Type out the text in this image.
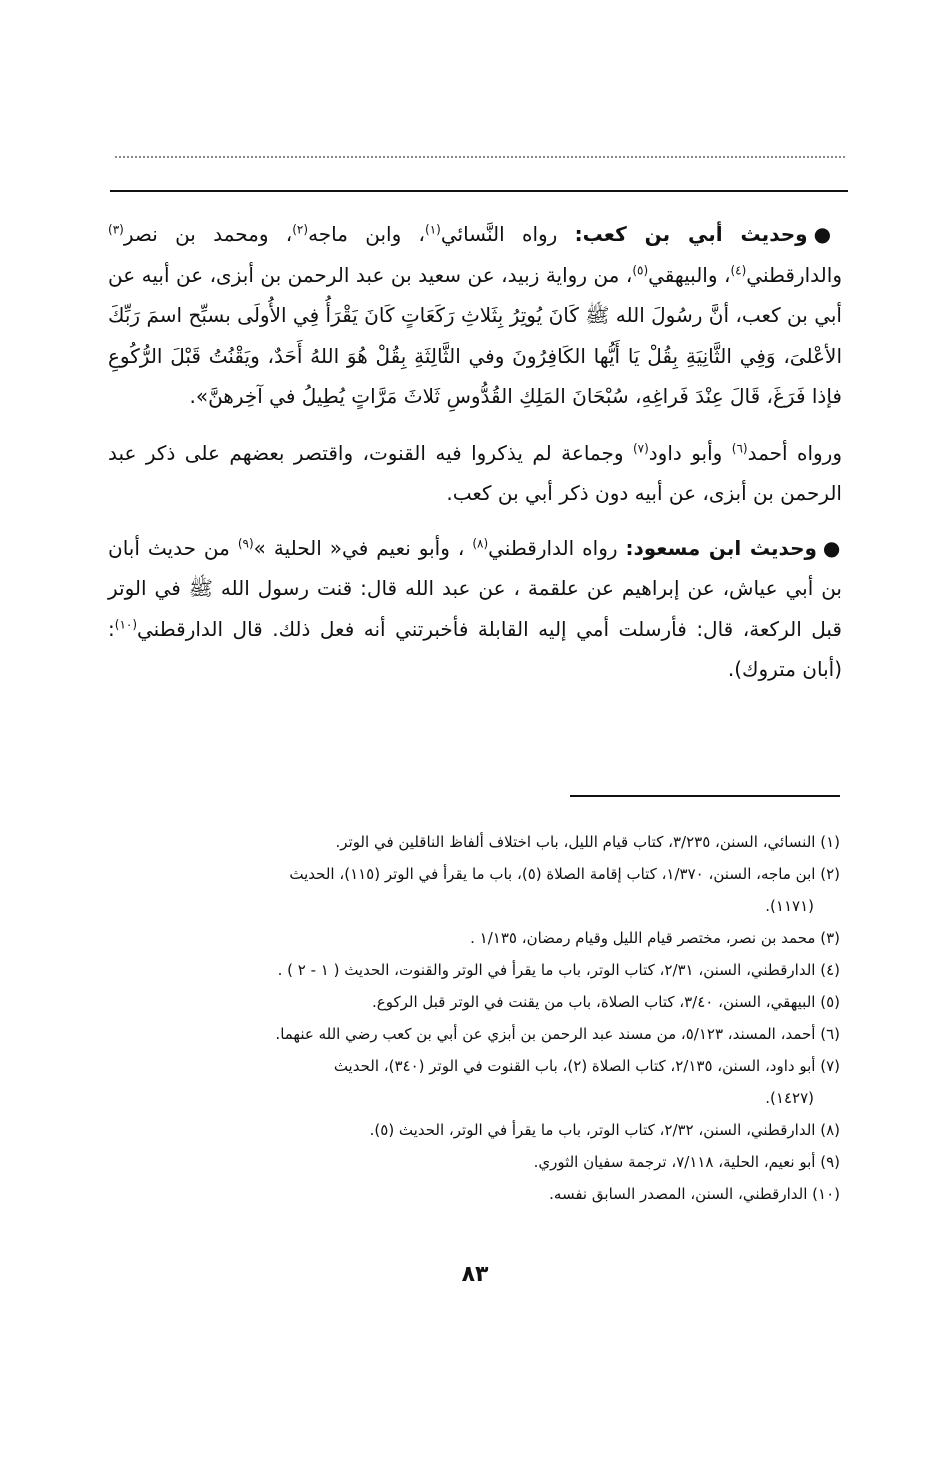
●وحديث أبي بن كعب: رواه النَّسائي$^{(١)}$، وابن ماجه$^{(٢)}$، ومحمد بن نصر$^{(٣)}$ والدارقطني$^{(٤)}$، والبيهقي$^{(٥)}$، من رواية زبيد، عن سعيد بن عبد الرحمن بن أبزى، عن أبيه عن أبي بن كعب، أنَّ رسُولَ الله ﷺ كَانَ يُوتِرُ بِثَلاثِ رَكَعَاتٍ كَانَ يَقْرَأُ فِي الأُولَى بسبِّح اسمَ رَبِّكَ الأعْلىَ، وَفِي الثَّانِيَةِ بِقُلْ يَا أَيُّها الكَافِرُونَ وفي الثَّالِثَةِ بِقُلْ هُوَ اللهُ أَحَدٌ، ويَقْنُتُ قَبْلَ الرُّكُوعِ فإذا فَرَغَ، قَالَ عِنْدَ فَراغِهِ، سُبْحَانَ المَلِكِ القُدُّوسِ ثَلاثَ مَرَّاتٍ يُطِيلُ في آخِرهنَّ».

ورواه أحمد$^{(٦)}$ وأبو داود$^{(٧)}$ وجماعة لم يذكروا فيه القنوت، واقتصر بعضهم على ذكر عبد الرحمن بن أبزى، عن أبيه دون ذكر أبي بن كعب.

●وحديث ابن مسعود: رواه الدارقطني$^{(٨)}$ ، وأبو نعيم في« الحلية »$^{(٩)}$ من حديث أبان بن أبي عياش، عن إبراهيم عن علقمة ، عن عبد الله قال: قنت رسول الله ﷺ في الوتر قبل الركعة، قال: فأرسلت أمي إليه القابلة فأخبرتني أنه فعل ذلك. قال الدارقطني$^{(١٠)}$: (أبان متروك).

(١) النسائي، السنن، ٣/٢٣٥، كتاب قيام الليل، باب اختلاف ألفاظ الناقلين في الوتر.

(٢) ابن ماجه، السنن، ١/٣٧٠، كتاب إقامة الصلاة (٥)، باب ما يقرأ في الوتر (١١٥)، الحديث

(١١٧١).

(٣) محمد بن نصر، مختصر قيام الليل وقيام رمضان، ١/١٣٥ .

(٤) الدارقطني، السنن، ٢/٣١، كتاب الوتر، باب ما يقرأ في الوتر والقنوت، الحديث ( ١ - ٢ ) .

(٥) البيهقي، السنن، ٣/٤٠، كتاب الصلاة، باب من يقنت في الوتر قبل الركوع.

(٦) أحمد، المسند، ٥/١٢٣، من مسند عبد الرحمن بن أبزي عن أبي بن كعب رضي الله عنهما.

(٧) أبو داود، السنن، ٢/١٣٥، كتاب الصلاة (٢)، باب القنوت في الوتر (٣٤٠)، الحديث

(١٤٢٧).

(٨) الدارقطني، السنن، ٢/٣٢، كتاب الوتر، باب ما يقرأ في الوتر، الحديث (٥).

(٩) أبو نعيم، الحلية، ٧/١١٨، ترجمة سفيان الثوري.

(١٠) الدارقطني، السنن، المصدر السابق نفسه.

٨٣
